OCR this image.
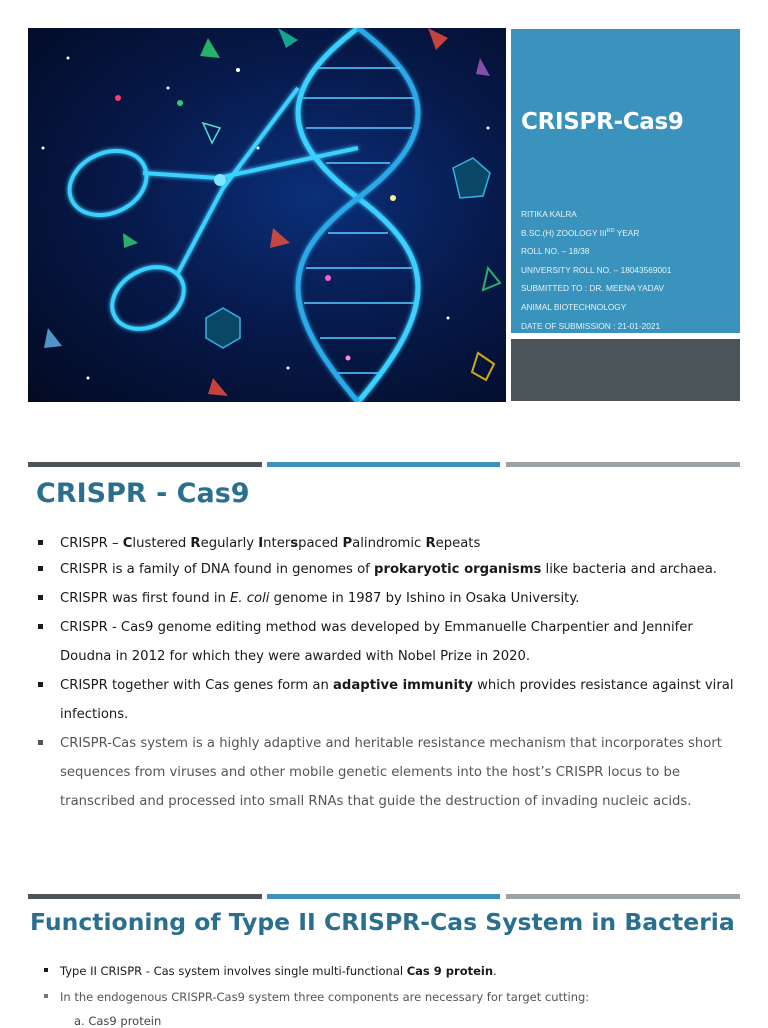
CRISPR-Cas9
RITIKA KALRA
B.SC.(H) ZOOLOGY IIIRD YEAR
ROLL NO. – 18/38
UNIVERSITY ROLL NO. – 18043569001
SUBMITTED TO : DR. MEENA YADAV
ANIMAL BIOTECHNOLOGY
DATE OF SUBMISSION : 21-01-2021
CRISPR - Cas9
CRISPR – Clustered Regularly Interspaced Palindromic Repeats
CRISPR is a family of DNA found in genomes of prokaryotic organisms like bacteria and archaea.
CRISPR was first found in E. coli genome in 1987 by Ishino in Osaka University.
CRISPR - Cas9 genome editing method was developed by Emmanuelle Charpentier and Jennifer Doudna in 2012 for which they were awarded with Nobel Prize in 2020.
CRISPR together with Cas genes form an adaptive immunity which provides resistance against viral infections.
CRISPR-Cas system is a highly adaptive and heritable resistance mechanism that incorporates short sequences from viruses and other mobile genetic elements into the host’s CRISPR locus to be transcribed and processed into small RNAs that guide the destruction of invading nucleic acids.
Functioning of Type II CRISPR-Cas System in Bacteria
Type II CRISPR - Cas system involves single multi-functional Cas 9 protein.
In the endogenous CRISPR-Cas9 system three components are necessary for target cutting:
a. Cas9 protein
